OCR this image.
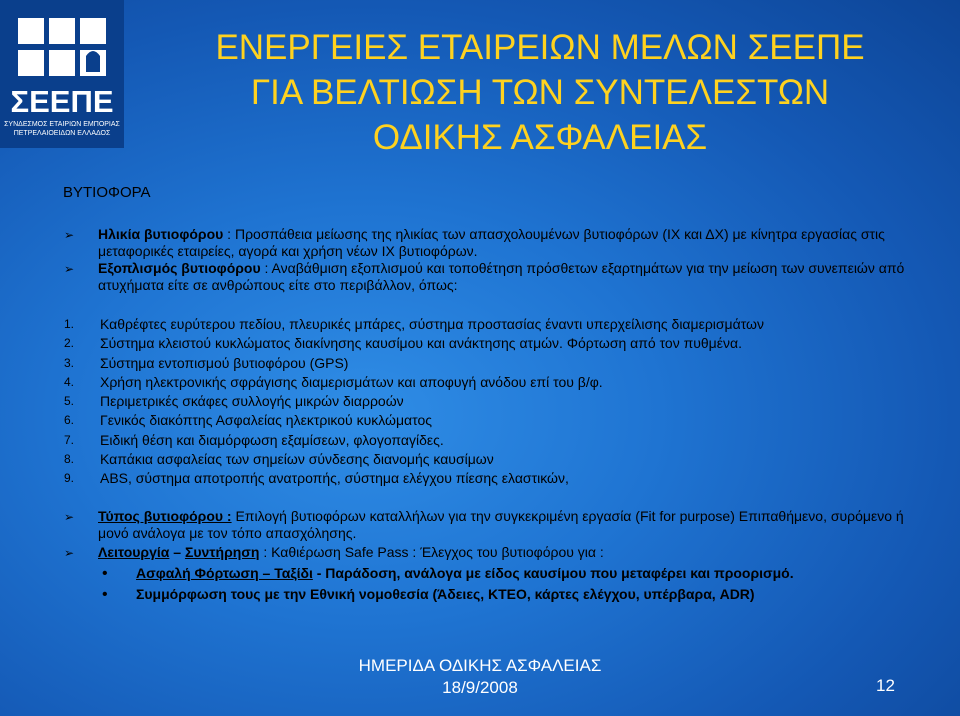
ΣΕΕΠΕ
ΣΥΝΔΕΣΜΟΣ ΕΤΑΙΡΙΩΝ ΕΜΠΟΡΙΑΣ
ΠΕΤΡΕΛΑΙΟΕΙΔΩΝ ΕΛΛΑΔΟΣ
ΕΝΕΡΓΕΙΕΣ ΕΤΑΙΡΕΙΩΝ ΜΕΛΩΝ ΣΕΕΠΕ
ΓΙΑ ΒΕΛΤΙΩΣΗ ΤΩΝ ΣΥΝΤΕΛΕΣΤΩΝ
ΟΔΙΚΗΣ ΑΣΦΑΛΕΙΑΣ
ΒΥΤΙΟΦΟΡΑ
➢	Ηλικία βυτιοφόρου : Προσπάθεια μείωσης της ηλικίας των απασχολουμένων βυτιοφόρων (ΙΧ και ΔΧ) με κίνητρα εργασίας στις μεταφορικές εταιρείες, αγορά και χρήση νέων ΙΧ βυτιοφόρων.
➢	Εξοπλισμός βυτιοφόρου : Αναβάθμιση εξοπλισμού και τοποθέτηση πρόσθετων εξαρτημάτων για την μείωση των συνεπειών από ατυχήματα είτε σε ανθρώπους είτε στο περιβάλλον, όπως:
1.	Καθρέφτες ευρύτερου πεδίου, πλευρικές μπάρες, σύστημα προστασίας έναντι υπερχείλισης διαμερισμάτων
2.	Σύστημα κλειστού κυκλώματος διακίνησης καυσίμου και ανάκτησης ατμών. Φόρτωση από τον πυθμένα.
3.	Σύστημα εντοπισμού βυτιοφόρου (GPS)
4.	Χρήση ηλεκτρονικής σφράγισης διαμερισμάτων και αποφυγή ανόδου επί του β/φ.
5.	Περιμετρικές σκάφες συλλογής μικρών διαρροών
6.	Γενικός διακόπτης Ασφαλείας ηλεκτρικού κυκλώματος
7.	Ειδική θέση και διαμόρφωση εξαμίσεων, φλογοπαγίδες.
8.	Καπάκια ασφαλείας των σημείων σύνδεσης διανομής καυσίμων
9.	ABS, σύστημα αποτροπής ανατροπής, σύστημα ελέγχου πίεσης ελαστικών,
➢	Τύπος βυτιοφόρου : Επιλογή βυτιοφόρων καταλλήλων για την συγκεκριμένη εργασία (Fit for purpose) Επιπαθήμενο, συρόμενο ή μονό ανάλογα με τον τόπο απασχόλησης.
➢	Λειτουργία – Συντήρηση : Καθιέρωση Safe Pass : Έλεγχος του βυτιοφόρου για :
•	Ασφαλή Φόρτωση – Ταξίδι - Παράδοση, ανάλογα με είδος καυσίμου που μεταφέρει και προορισμό.
•	Συμμόρφωση τους με την Εθνική νομοθεσία (Άδειες, ΚΤΕΟ, κάρτες ελέγχου, υπέρβαρα, ADR)
ΗΜΕΡΙΔΑ ΟΔΙΚΗΣ ΑΣΦΑΛΕΙΑΣ
18/9/2008	12
